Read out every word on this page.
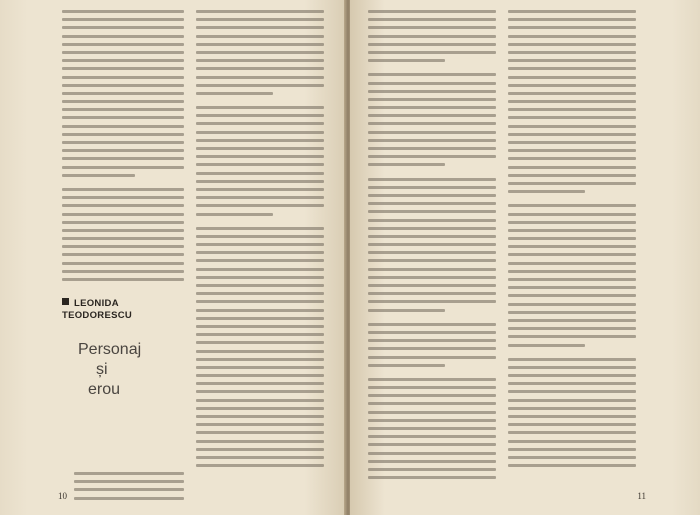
LEONIDA TEODORESCU
Personaj
și
erou
10	11
